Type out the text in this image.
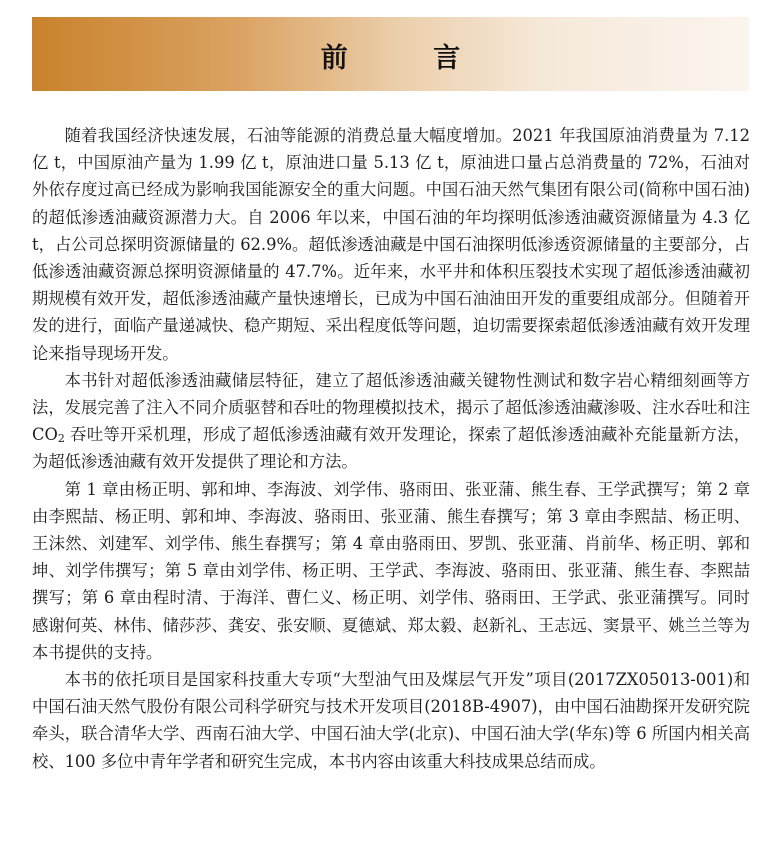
前 言

随着我国经济快速发展，石油等能源的消费总量大幅度增加。2021 年我国原油消费量为 7.12 亿 t，中国原油产量为 1.99 亿 t，原油进口量 5.13 亿 t，原油进口量占总消费量的 72%，石油对外依存度过高已经成为影响我国能源安全的重大问题。中国石油天然气集团有限公司(简称中国石油)的超低渗透油藏资源潜力大。自 2006 年以来，中国石油的年均探明低渗透油藏资源储量为 4.3 亿 t，占公司总探明资源储量的 62.9%。超低渗透油藏是中国石油探明低渗透资源储量的主要部分，占低渗透油藏资源总探明资源储量的 47.7%。近年来，水平井和体积压裂技术实现了超低渗透油藏初期规模有效开发，超低渗透油藏产量快速增长，已成为中国石油油田开发的重要组成部分。但随着开发的进行，面临产量递减快、稳产期短、采出程度低等问题，迫切需要探索超低渗透油藏有效开发理论来指导现场开发。

本书针对超低渗透油藏储层特征，建立了超低渗透油藏关键物性测试和数字岩心精细刻画等方法，发展完善了注入不同介质驱替和吞吐的物理模拟技术，揭示了超低渗透油藏渗吸、注水吞吐和注 $CO_2$ 吞吐等开采机理，形成了超低渗透油藏有效开发理论，探索了超低渗透油藏补充能量新方法，为超低渗透油藏有效开发提供了理论和方法。

第 1 章由杨正明、郭和坤、李海波、刘学伟、骆雨田、张亚蒲、熊生春、王学武撰写；第 2 章由李熙喆、杨正明、郭和坤、李海波、骆雨田、张亚蒲、熊生春撰写；第 3 章由李熙喆、杨正明、王沫然、刘建军、刘学伟、熊生春撰写；第 4 章由骆雨田、罗凯、张亚蒲、肖前华、杨正明、郭和坤、刘学伟撰写；第 5 章由刘学伟、杨正明、王学武、李海波、骆雨田、张亚蒲、熊生春、李熙喆撰写；第 6 章由程时清、于海洋、曹仁义、杨正明、刘学伟、骆雨田、王学武、张亚蒲撰写。同时感谢何英、林伟、储莎莎、龚安、张安顺、夏德斌、郑太毅、赵新礼、王志远、窦景平、姚兰兰等为本书提供的支持。

本书的依托项目是国家科技重大专项“大型油气田及煤层气开发”项目(2017ZX05013-001)和中国石油天然气股份有限公司科学研究与技术开发项目(2018B-4907)，由中国石油勘探开发研究院牵头，联合清华大学、西南石油大学、中国石油大学(北京)、中国石油大学(华东)等 6 所国内相关高校、100 多位中青年学者和研究生完成，本书内容由该重大科技成果总结而成。
